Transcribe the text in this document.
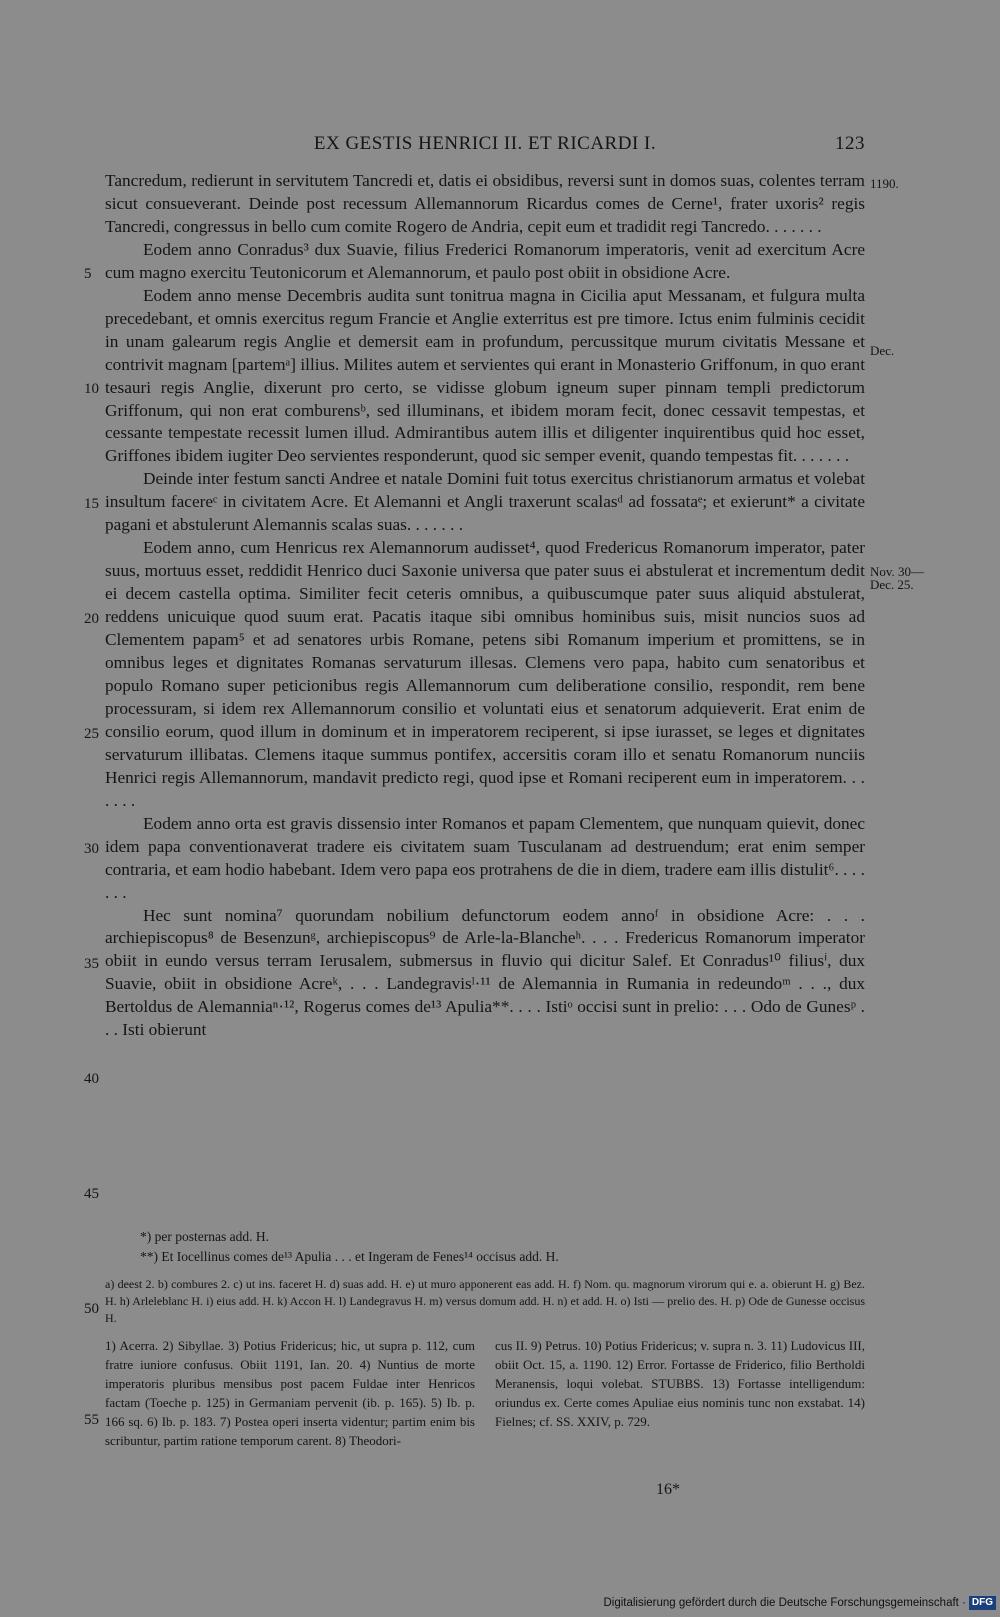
EX GESTIS HENRICI II. ET RICARDI I.	123

Tancredum, redierunt in servitutem Tancredi et, datis ei obsidibus, reversi sunt in domos suas, colentes terram sicut consueverant. Deinde post recessum Allemannorum Ricardus comes de Cerne¹, frater uxoris² regis Tancredi, congressus in bello cum comite Rogero de Andria, cepit eum et tradidit regi Tancredo. . . . . . .

Eodem anno Conradus³ dux Suavie, filius Frederici Romanorum imperatoris, venit ad exercitum Acre cum magno exercitu Teutonicorum et Alemannorum, et paulo post obiit in obsidione Acre.

Eodem anno mense Decembris audita sunt tonitrua magna in Cicilia aput Messanam, et fulgura multa precedebant, et omnis exercitus regum Francie et Anglie exterritus est pre timore. Ictus enim fulminis cecidit in unam galearum regis Anglie et demersit eam in profundum, percussitque murum civitatis Messane et contrivit magnam [partemᵃ] illius. Milites autem et servientes qui erant in Monasterio Griffonum, in quo erant tesauri regis Anglie, dixerunt pro certo, se vidisse globum igneum super pinnam templi predictorum Griffonum, qui non erat comburensᵇ, sed illuminans, et ibidem moram fecit, donec cessavit tempestas, et cessante tempestate recessit lumen illud. Admirantibus autem illis et diligenter inquirentibus quid hoc esset, Griffones ibidem iugiter Deo servientes responderunt, quod sic semper evenit, quando tempestas fit. . . . . . .

Deinde inter festum sancti Andree et natale Domini fuit totus exercitus christianorum armatus et volebat insultum facereᶜ in civitatem Acre. Et Alemanni et Angli traxerunt scalasᵈ ad fossataᵉ; et exierunt* a civitate pagani et abstulerunt Alemannis scalas suas. . . . . . .

Eodem anno, cum Henricus rex Alemannorum audisset⁴, quod Fredericus Romanorum imperator, pater suus, mortuus esset, reddidit Henrico duci Saxonie universa que pater suus ei abstulerat et incrementum dedit ei decem castella optima. Similiter fecit ceteris omnibus, a quibuscumque pater suus aliquid abstulerat, reddens unicuique quod suum erat. Pacatis itaque sibi omnibus hominibus suis, misit nuncios suos ad Clementem papam⁵ et ad senatores urbis Romane, petens sibi Romanum imperium et promittens, se in omnibus leges et dignitates Romanas servaturum illesas. Clemens vero papa, habito cum senatoribus et populo Romano super peticionibus regis Allemannorum cum deliberatione consilio, respondit, rem bene processuram, si idem rex Allemannorum consilio et voluntati eius et senatorum adquieverit. Erat enim de consilio eorum, quod illum in dominum et in imperatorem reciperent, si ipse iurasset, se leges et dignitates servaturum illibatas. Clemens itaque summus pontifex, accersitis coram illo et senatu Romanorum nunciis Henrici regis Allemannorum, mandavit predicto regi, quod ipse et Romani reciperent eum in imperatorem. . . . . . .

Eodem anno orta est gravis dissensio inter Romanos et papam Clementem, que nunquam quievit, donec idem papa conventionaverat tradere eis civitatem suam Tusculanam ad destruendum; erat enim semper contraria, et eam hodio habebant. Idem vero papa eos protrahens de die in diem, tradere eam illis distulit⁶. . . . . . .

Hec sunt nomina⁷ quorundam nobilium defunctorum eodem annoᶠ in obsidione Acre: . . . archiepiscopus⁸ de Besenzunᵍ, archiepiscopus⁹ de Arle-la-Blancheʰ. . . . Fredericus Romanorum imperator obiit in eundo versus terram Ierusalem, submersus in fluvio qui dicitur Salef. Et Conradus¹⁰ filiusⁱ, dux Suavie, obiit in obsidione Acreᵏ, . . . Landegravisˡ·¹¹ de Alemannia in Rumania in redeundoᵐ . . ., dux Bertoldus de Alemanniaⁿ·¹², Rogerus comes de¹³ Apulia**. . . . Istiᵒ occisi sunt in prelio: . . . Odo de Gunesᵖ . . . Isti obierunt

5
10
15
20
25
30
35
40
45
50
55
1190.
Dec.
Nov. 30—
Dec. 25.

*) per posternas add. H.

**) Et Iocellinus comes de¹³ Apulia . . . et Ingeram de Fenes¹⁴ occisus add. H.

a) deest 2. b) combures 2. c) ut ins. faceret H. d) suas add. H. e) ut muro apponerent eas add. H. f) Nom. qu. magnorum virorum qui e. a. obierunt H. g) Bez. H. h) Arleleblanc H. i) eius add. H. k) Accon H. l) Landegravus H. m) versus domum add. H. n) et add. H. o) Isti — prelio des. H. p) Ode de Gunesse occisus H.
1) Acerra. 2) Sibyllae. 3) Potius Fridericus; hic, ut supra p. 112, cum fratre iuniore confusus. Obiit 1191, Ian. 20. 4) Nuntius de morte imperatoris pluribus mensibus post pacem Fuldae inter Henricos factam (Toeche p. 125) in Germaniam pervenit (ib. p. 165). 5) Ib. p. 166 sq. 6) Ib. p. 183. 7) Postea operi inserta videntur; partim enim bis scribuntur, partim ratione temporum carent. 8) Theodori-
cus II. 9) Petrus. 10) Potius Fridericus; v. supra n. 3. 11) Ludovicus III, obiit Oct. 15, a. 1190. 12) Error. Fortasse de Friderico, filio Bertholdi Meranensis, loqui volebat. STUBBS. 13) Fortasse intelligendum: oriundus ex. Certe comes Apuliae eius nominis tunc non exstabat. 14) Fielnes; cf. SS. XXIV, p. 729.
16*
Digitalisierung gefördert durch die Deutsche Forschungsgemeinschaft · DFG
